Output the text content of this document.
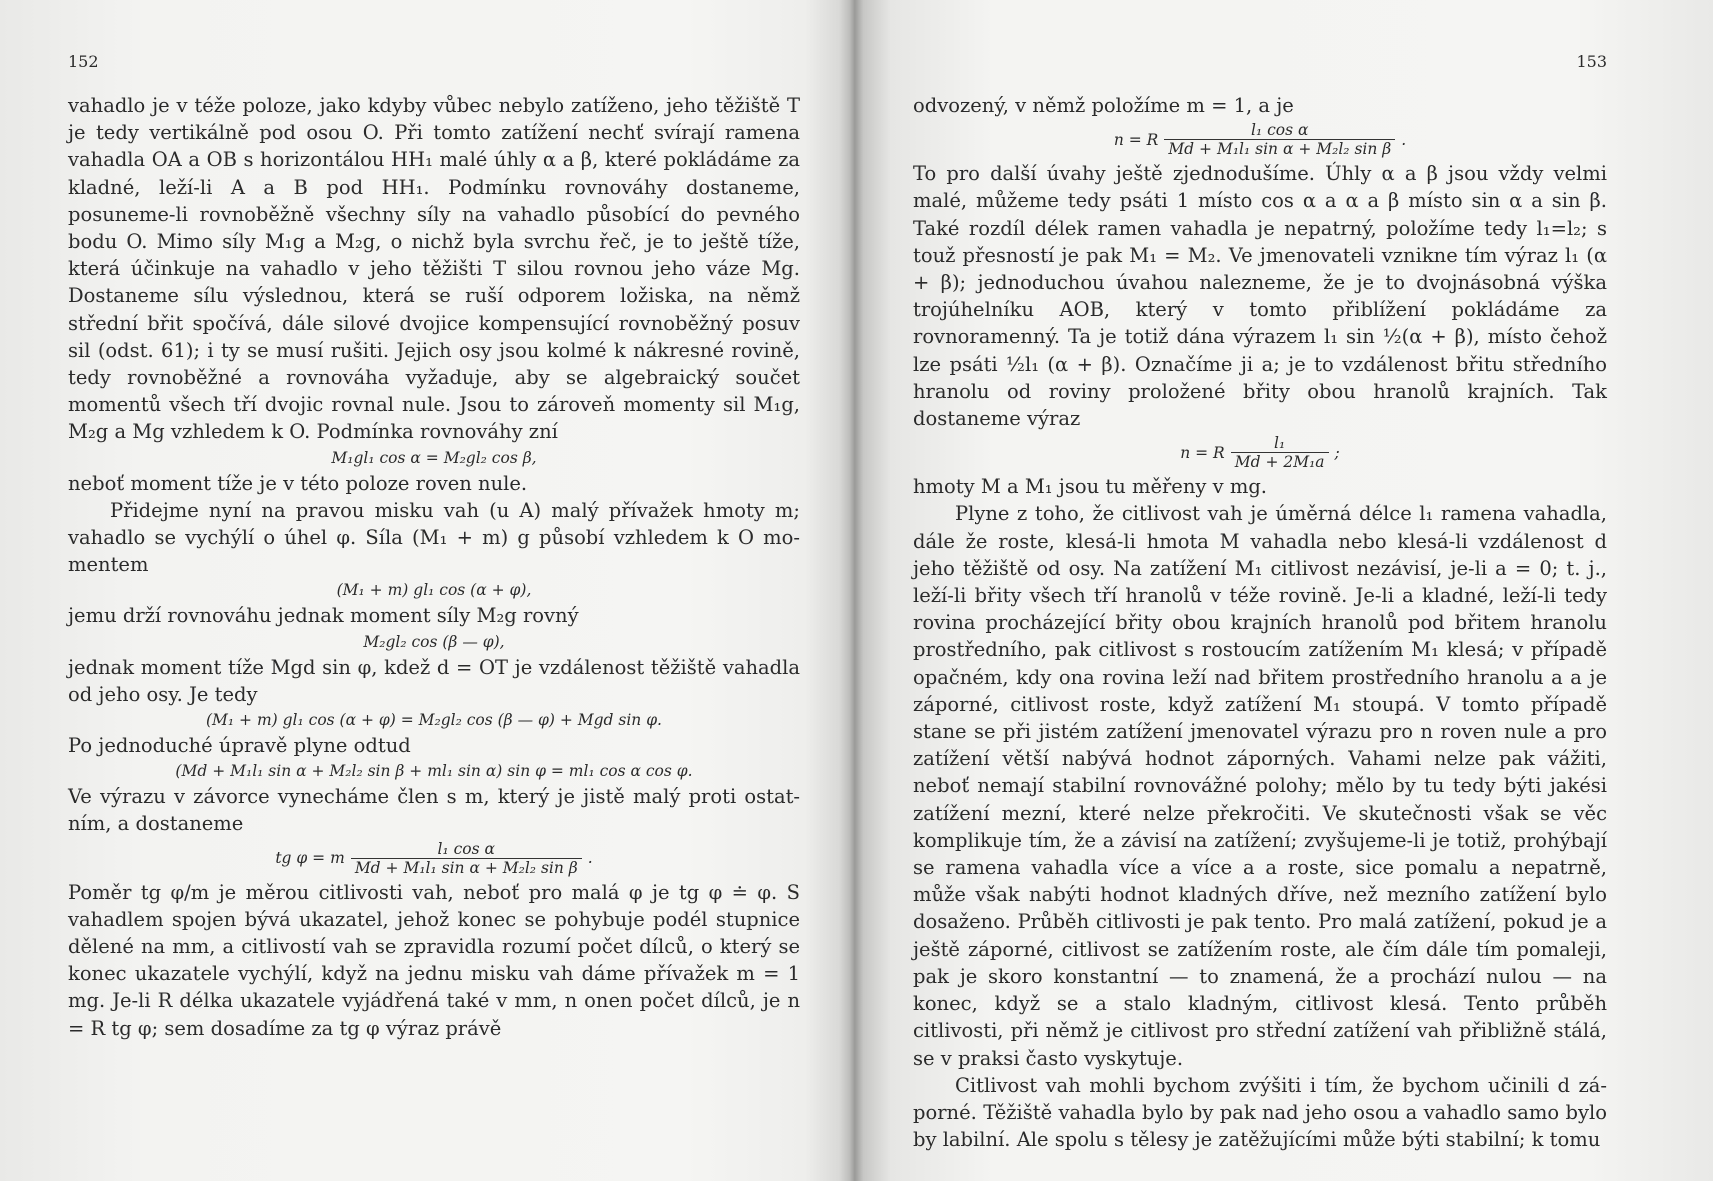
152

vahadlo je v téže poloze, jako kdyby vůbec nebylo zatíženo, jeho těžiště T je tedy vertikálně pod osou O. Při tomto zatížení nechť svírají ramena vahadla OA a OB s horizontálou HH₁ malé úhly α a β, které pokládáme za kladné, leží-li A a B pod HH₁. Podmínku rovnováhy dostaneme, posuneme-li rovnoběžně všechny síly na vahadlo působící do pevného bodu O. Mimo síly M₁g a M₂g, o nichž byla svrchu řeč, je to ještě tíže, která účinkuje na vahadlo v jeho těžišti T silou rovnou jeho váze Mg. Dostaneme sílu výslednou, která se ruší odporem ložiska, na němž střední břit spočívá, dále silové dvojice kompensující rovnoběžný posuv sil (odst. 61); i ty se musí rušiti. Jejich osy jsou kolmé k nákresné rovině, tedy rovnoběžné a rovnováha vyžaduje, aby se algebraický součet momentů všech tří dvojic rovnal nule. Jsou to zároveň momenty sil M₁g, M₂g a Mg vzhledem k O. Podmínka rovnováhy zní

M₁gl₁ cos α = M₂gl₂ cos β,

neboť moment tíže je v této poloze roven nule.

Přidejme nyní na pravou misku vah (u A) malý přívažek hmoty m; vahadlo se vychýlí o úhel φ. Síla (M₁ + m) g působí vzhledem k O momentem

(M₁ + m) gl₁ cos (α + φ),

jemu drží rovnováhu jednak moment síly M₂g rovný

M₂gl₂ cos (β — φ),

jednak moment tíže Mgd sin φ, kdež d = OT je vzdálenost těžiště vahadla od jeho osy. Je tedy

(M₁ + m) gl₁ cos (α + φ) = M₂gl₂ cos (β — φ) + Mgd sin φ.

Po jednoduché úpravě plyne odtud

(Md + M₁l₁ sin α + M₂l₂ sin β + ml₁ sin α) sin φ = ml₁ cos α cos φ.

Ve výrazu v závorce vynecháme člen s m, který je jistě malý proti ostatním, a dostaneme

tg φ = m $\frac{\text{l₁ cos α}}{\text{Md + M₁l₁ sin α + M₂l₂ sin β}}$ .

Poměr tg φ/m je měrou citlivosti vah, neboť pro malá φ je tg φ ≐ φ. S vahadlem spojen bývá ukazatel, jehož konec se pohybuje podél stupnice dělené na mm, a citlivostí vah se zpravidla rozumí počet dílců, o který se konec ukazatele vychýlí, když na jednu misku vah dáme přívažek m = 1 mg. Je-li R délka ukazatele vyjádřená také v mm, n onen počet dílců, je n = R tg φ; sem dosadíme za tg φ výraz právě

153

odvozený, v němž položíme m = 1, a je

n = R $\frac{\text{l₁ cos α}}{\text{Md + M₁l₁ sin α + M₂l₂ sin β}}$ .

To pro další úvahy ještě zjednodušíme. Úhly α a β jsou vždy velmi malé, můžeme tedy psáti 1 místo cos α a α a β místo sin α a sin β. Také rozdíl délek ramen vahadla je nepatrný, položíme tedy l₁=l₂; s touž přesností je pak M₁ = M₂. Ve jmenovateli vznikne tím výraz l₁ (α + β); jednoduchou úvahou nalezneme, že je to dvojnásobná výška trojúhelníku AOB, který v tomto přiblížení pokládáme za rovnoramenný. Ta je totiž dána výrazem l₁ sin ½(α + β), místo čehož lze psáti ½l₁ (α + β). Označíme ji a; je to vzdálenost břitu středního hranolu od roviny proložené břity obou hranolů krajních. Tak dostaneme výraz

n = R $\frac{\text{l₁}}{\text{Md + 2M₁a}}$ ;

hmoty M a M₁ jsou tu měřeny v mg.

Plyne z toho, že citlivost vah je úměrná délce l₁ ramena vahadla, dále že roste, klesá-li hmota M vahadla nebo klesá-li vzdálenost d jeho těžiště od osy. Na zatížení M₁ citlivost nezávisí, je-li a = 0; t. j., leží-li břity všech tří hranolů v téže rovině. Je-li a kladné, leží-li tedy rovina procházející břity obou krajních hranolů pod břitem hranolu prostředního, pak citlivost s rostoucím zatížením M₁ klesá; v případě opačném, kdy ona rovina leží nad břitem prostředního hranolu a a je záporné, citlivost roste, když zatížení M₁ stoupá. V tomto případě stane se při jistém zatížení jmenovatel výrazu pro n roven nule a pro zatížení větší nabývá hodnot záporných. Vahami nelze pak vážiti, neboť nemají stabilní rovnovážné polohy; mělo by tu tedy býti jakési zatížení mezní, které nelze překročiti. Ve skutečnosti však se věc komplikuje tím, že a závisí na zatížení; zvyšujeme-li je totiž, prohýbají se ramena vahadla více a více a a roste, sice pomalu a nepatrně, může však nabýti hodnot kladných dříve, než mezního zatížení bylo dosaženo. Průběh citlivosti je pak tento. Pro malá zatížení, pokud je a ještě záporné, citlivost se zatížením roste, ale čím dále tím pomaleji, pak je skoro konstantní — to znamená, že a prochází nulou — na konec, když se a stalo kladným, citlivost klesá. Tento průběh citlivosti, při němž je citlivost pro střední zatížení vah přibližně stálá, se v praksi často vyskytuje.

Citlivost vah mohli bychom zvýšiti i tím, že bychom učinili d záporné. Těžiště vahadla bylo by pak nad jeho osou a vahadlo samo bylo by labilní. Ale spolu s tělesy je zatěžujícími může býti stabilní; k tomu
